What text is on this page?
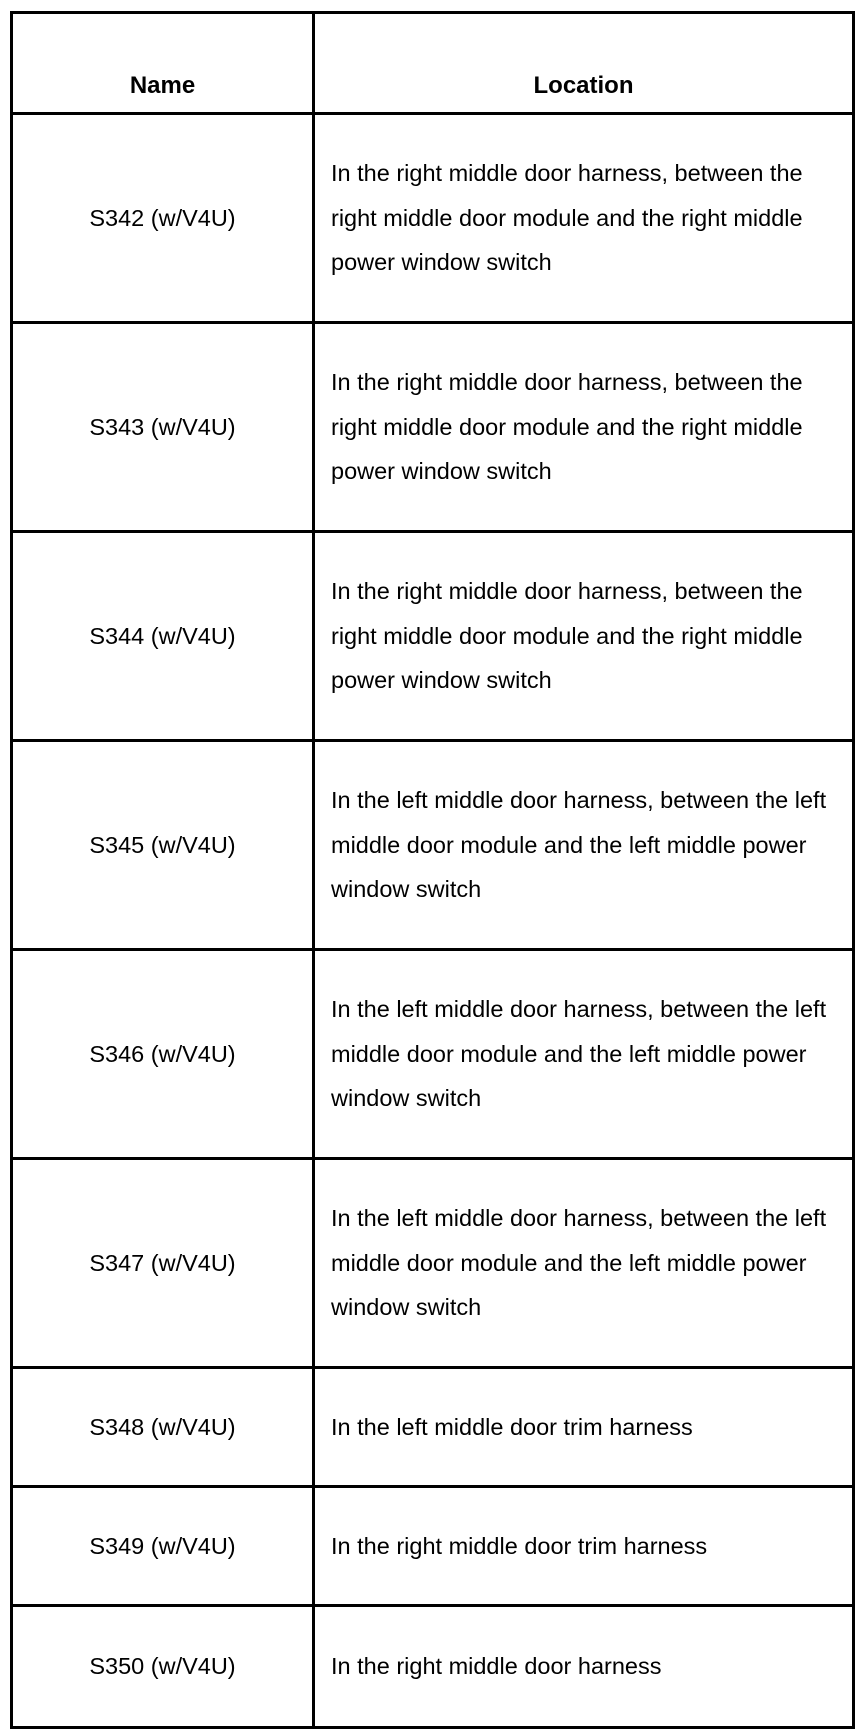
Name	Location
S342 (w/V4U)	In the right middle door harness, between the right middle door module and the right middle power window switch
S343 (w/V4U)	In the right middle door harness, between the right middle door module and the right middle power window switch
S344 (w/V4U)	In the right middle door harness, between the right middle door module and the right middle power window switch
S345 (w/V4U)	In the left middle door harness, between the left middle door module and the left middle power window switch
S346 (w/V4U)	In the left middle door harness, between the left middle door module and the left middle power window switch
S347 (w/V4U)	In the left middle door harness, between the left middle door module and the left middle power window switch
S348 (w/V4U)	In the left middle door trim harness
S349 (w/V4U)	In the right middle door trim harness
S350 (w/V4U)	In the right middle door harness
